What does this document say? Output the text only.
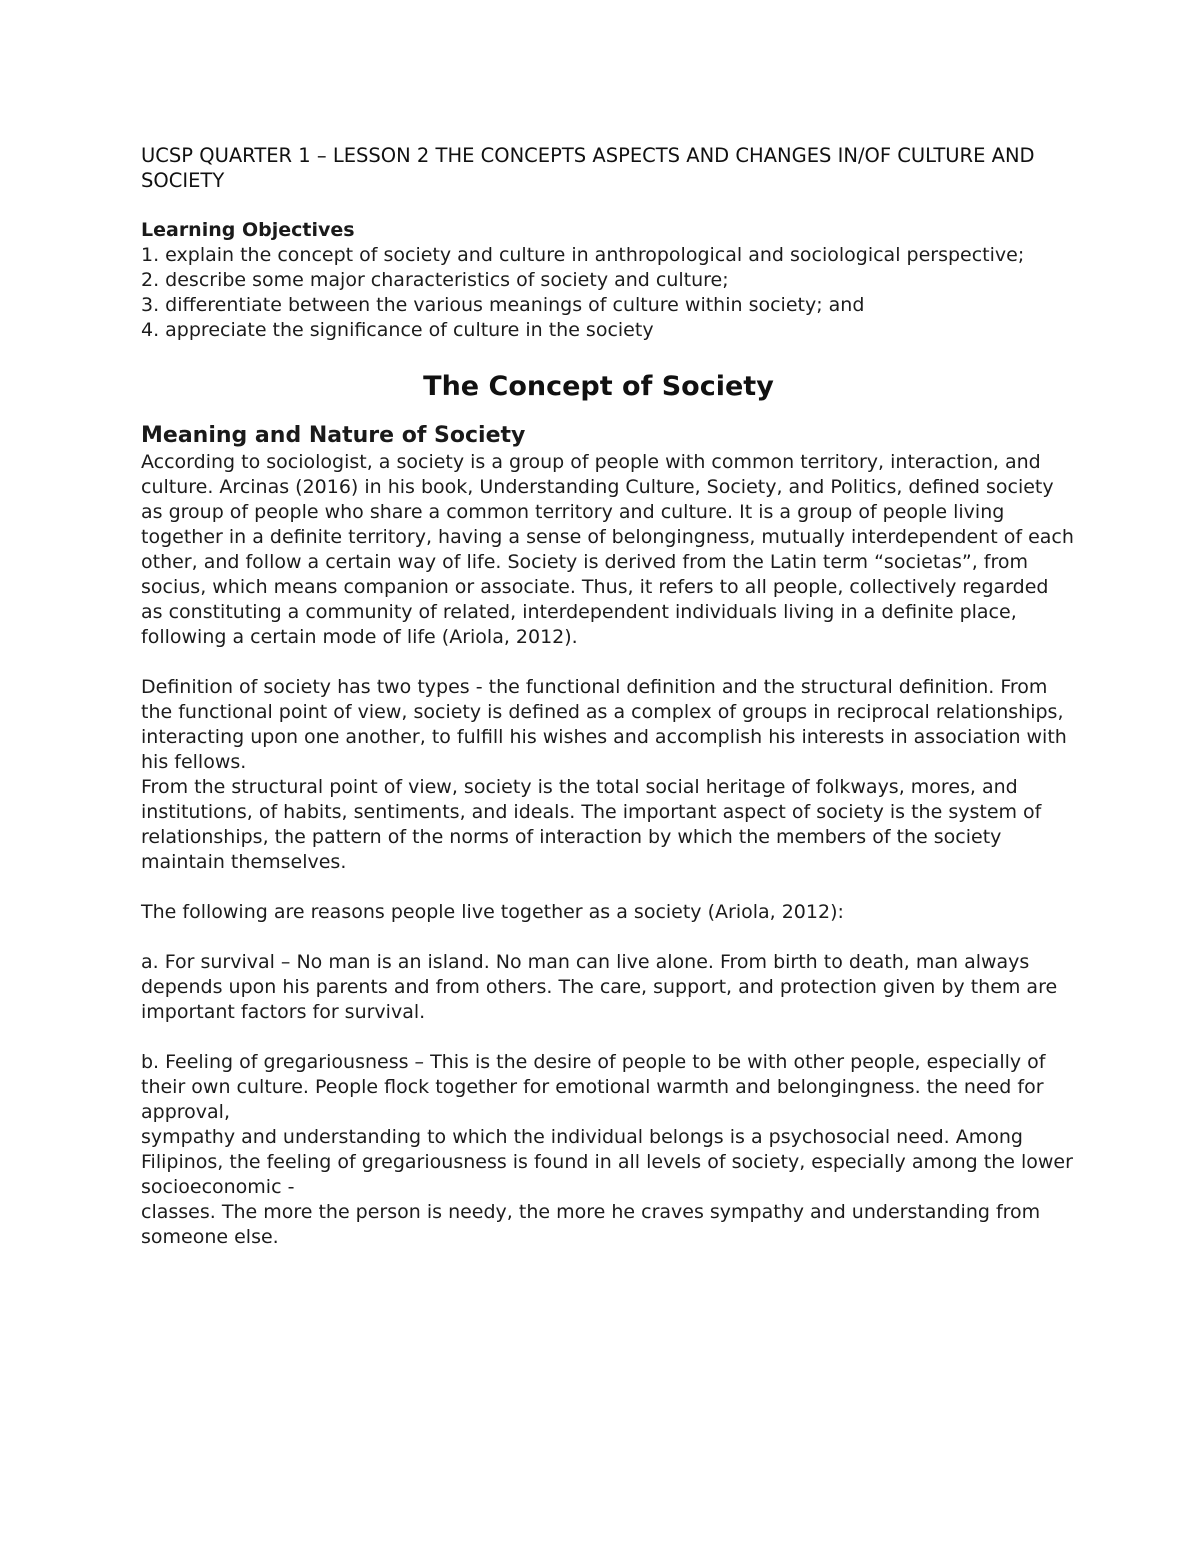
UCSP QUARTER 1 – LESSON 2 THE CONCEPTS ASPECTS AND CHANGES IN/OF CULTURE AND SOCIETY
Learning Objectives
1. explain the concept of society and culture in anthropological and sociological perspective;
2. describe some major characteristics of society and culture;
3. differentiate between the various meanings of culture within society; and
4. appreciate the significance of culture in the society
The Concept of Society
Meaning and Nature of Society

According to sociologist, a society is a group of people with common territory, interaction, and culture. Arcinas (2016) in his book, Understanding Culture, Society, and Politics, defined society as group of people who share a common territory and culture. It is a group of people living together in a definite territory, having a sense of belongingness, mutually interdependent of each other, and follow a certain way of life. Society is derived from the Latin term “societas”, from socius, which means companion or associate. Thus, it refers to all people, collectively regarded as constituting a community of related, interdependent individuals living in a definite place, following a certain mode of life (Ariola, 2012).

Definition of society has two types - the functional definition and the structural definition. From the functional point of view, society is defined as a complex of groups in reciprocal relationships, interacting upon one another, to fulfill his wishes and accomplish his interests in association with his fellows.

From the structural point of view, society is the total social heritage of folkways, mores, and institutions, of habits, sentiments, and ideals. The important aspect of society is the system of relationships, the pattern of the norms of interaction by which the members of the society maintain themselves.

The following are reasons people live together as a society (Ariola, 2012):

a. For survival – No man is an island. No man can live alone. From birth to death, man always depends upon his parents and from others. The care, support, and protection given by them are important factors for survival.

b. Feeling of gregariousness – This is the desire of people to be with other people, especially of their own culture. People flock together for emotional warmth and belongingness. the need for approval,

sympathy and understanding to which the individual belongs is a psychosocial need. Among Filipinos, the feeling of gregariousness is found in all levels of society, especially among the lower socioeconomic -

classes. The more the person is needy, the more he craves sympathy and understanding from someone else.
